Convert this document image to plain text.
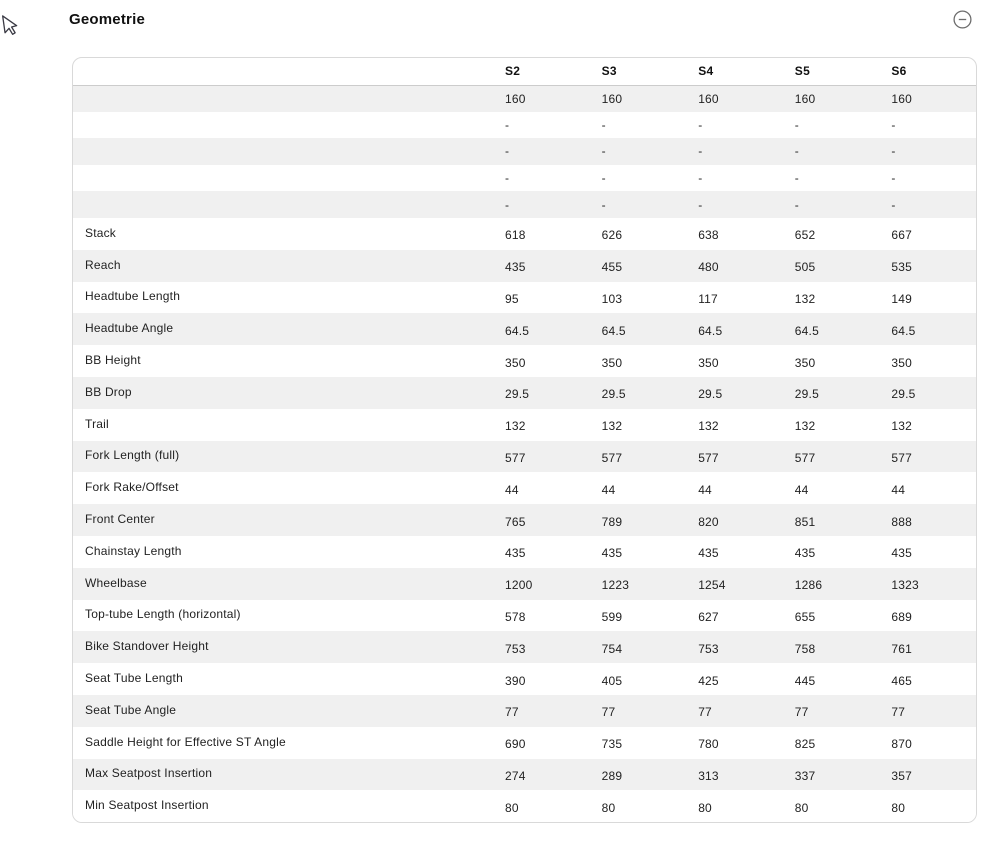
Geometrie
	S2	S3	S4	S5	S6
	160	160	160	160	160
	-	-	-	-	-
	-	-	-	-	-
	-	-	-	-	-
	-	-	-	-	-
Stack	618	626	638	652	667
Reach	435	455	480	505	535
Headtube Length	95	103	117	132	149
Headtube Angle	64.5	64.5	64.5	64.5	64.5
BB Height	350	350	350	350	350
BB Drop	29.5	29.5	29.5	29.5	29.5
Trail	132	132	132	132	132
Fork Length (full)	577	577	577	577	577
Fork Rake/Offset	44	44	44	44	44
Front Center	765	789	820	851	888
Chainstay Length	435	435	435	435	435
Wheelbase	1200	1223	1254	1286	1323
Top-tube Length (horizontal)	578	599	627	655	689
Bike Standover Height	753	754	753	758	761
Seat Tube Length	390	405	425	445	465
Seat Tube Angle	77	77	77	77	77
Saddle Height for Effective ST Angle	690	735	780	825	870
Max Seatpost Insertion	274	289	313	337	357
Min Seatpost Insertion	80	80	80	80	80
